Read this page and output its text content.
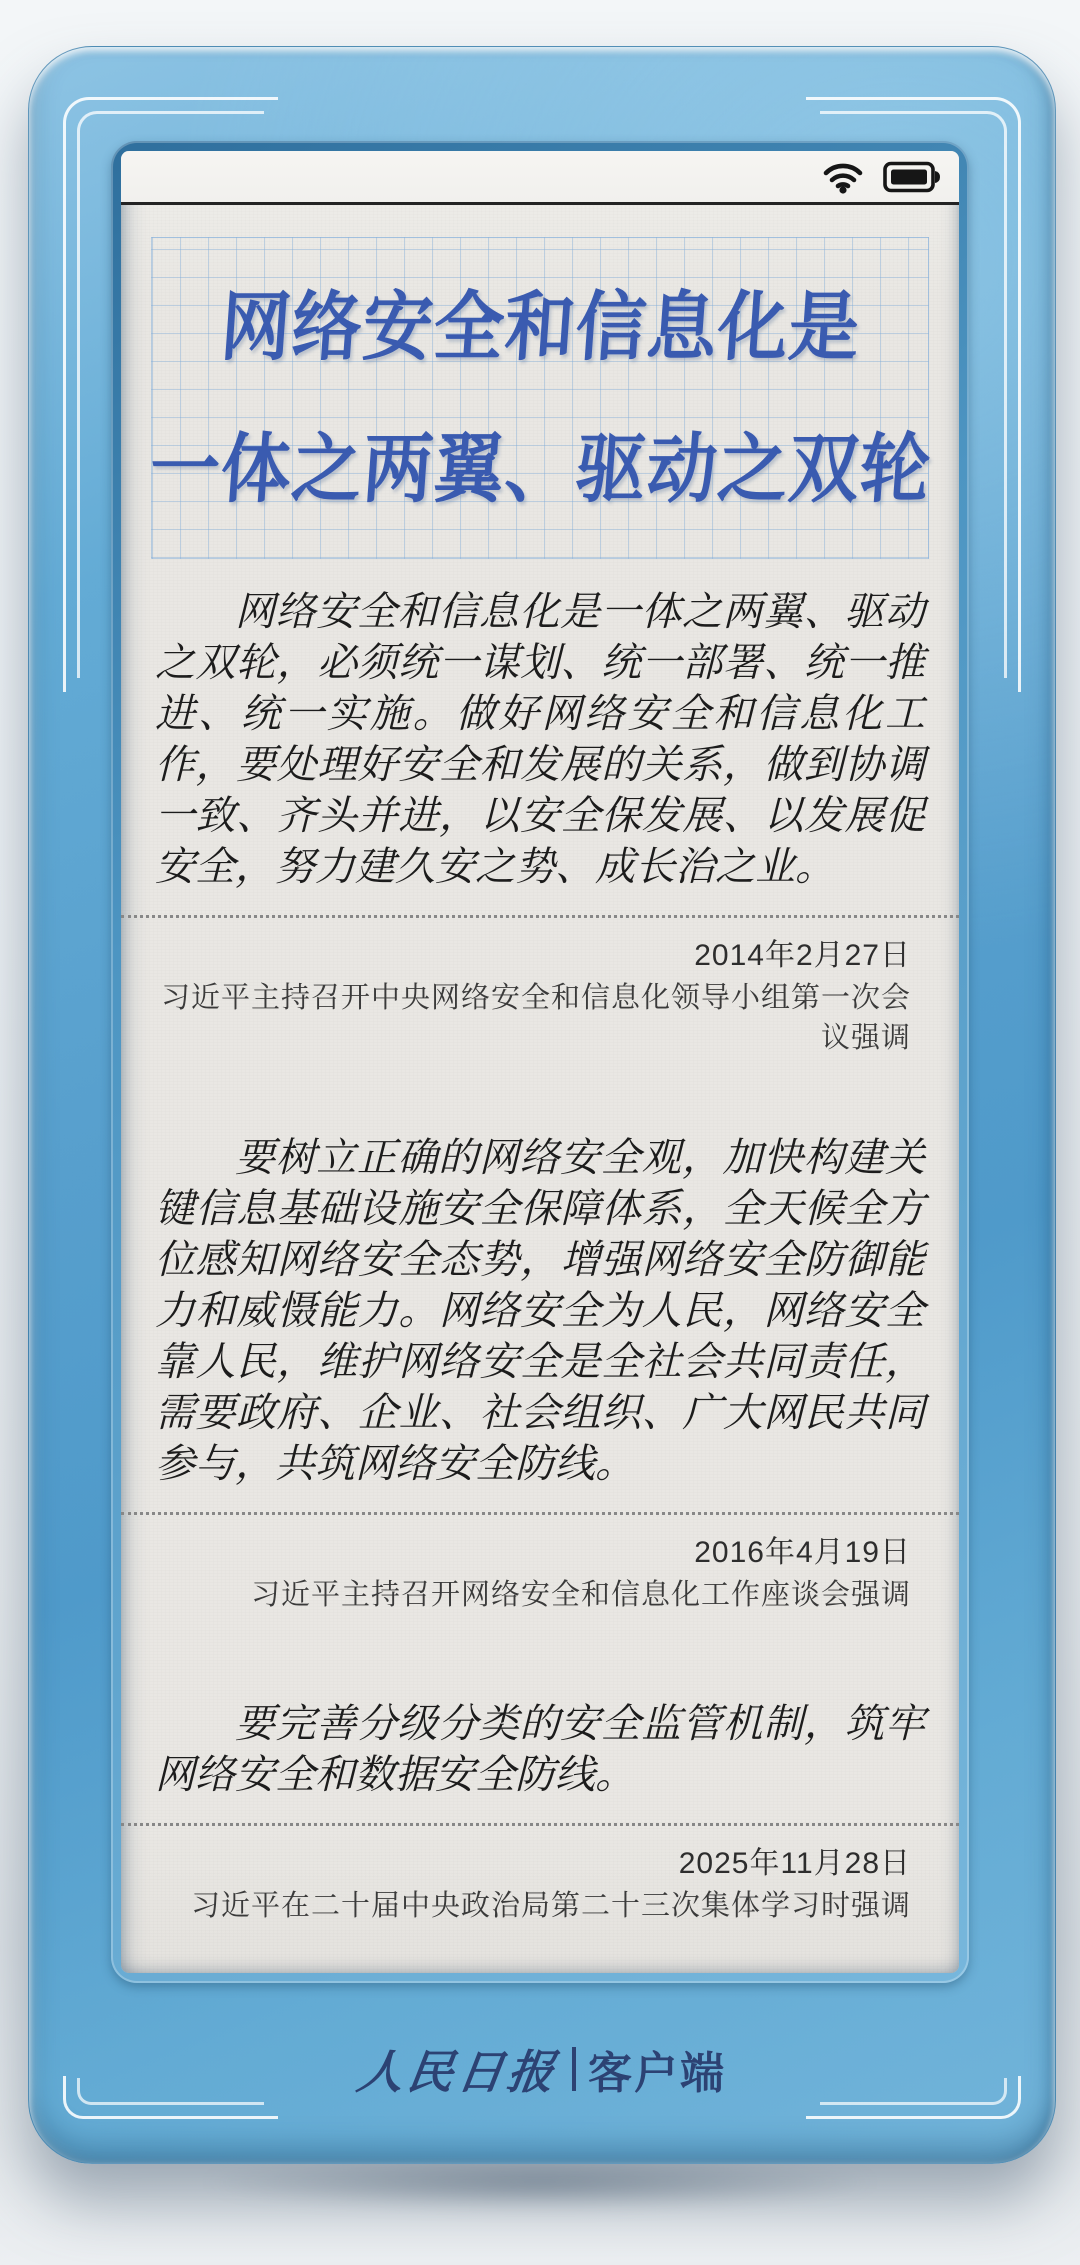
网络安全和信息化是
一体之两翼、驱动之双轮

网络安全和信息化是一体之两翼、驱动之双轮，必须统一谋划、统一部署、统一推进、统一实施。做好网络安全和信息化工作，要处理好安全和发展的关系，做到协调一致、齐头并进，以安全保发展、以发展促安全，努力建久安之势、成长治之业。

2014年2月27日
习近平主持召开中央网络安全和信息化领导小组第一次会议强调

要树立正确的网络安全观，加快构建关键信息基础设施安全保障体系，全天候全方位感知网络安全态势，增强网络安全防御能力和威慑能力。网络安全为人民，网络安全靠人民，维护网络安全是全社会共同责任，需要政府、企业、社会组织、广大网民共同参与，共筑网络安全防线。

2016年4月19日
习近平主持召开网络安全和信息化工作座谈会强调

要完善分级分类的安全监管机制，筑牢网络安全和数据安全防线。

2025年11月28日
习近平在二十届中央政治局第二十三次集体学习时强调
人民日报 客户端
